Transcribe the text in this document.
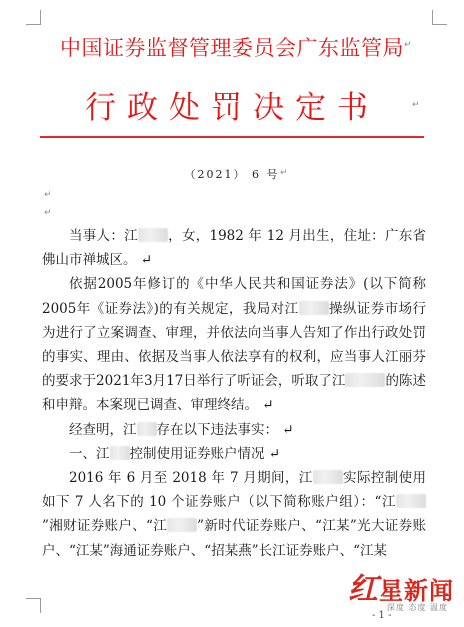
↵
↵
↵
↵
↵
中国证券监督管理委员会广东监管局
行政处罚决定书
（2021） 6 号

当事人：江 ，女，1982 年 12 月出生，住址：广东省佛山市禅城区。 ↵

依据2005年修订的《中华人民共和国证券法》(以下简称2005年《证券法》)的有关规定，我局对江 操纵证券市场行为进行了立案调查、审理，并依法向当事人告知了作出行政处罚的事实、理由、依据及当事人依法享有的权利，应当事人江丽芬的要求于2021年3月17日举行了听证会，听取了江	的陈述和申辩。本案现已调查、审理终结。 ↵

经查明，江 存在以下违法事实： ↵

一、江 控制使用证券账户情况 ↵

2016 年 6 月至 2018 年 7 月期间，江 实际控制使用如下 7 人名下的 10 个证券账户（以下简称账户组）：“江”湘财证券账户、“江 ”新时代证券账户、“江某”光大证券账户、“江某”海通证券账户、“招某燕”长江证券账户、“江某

红星新闻
深度 态度 温度
- 1 -
